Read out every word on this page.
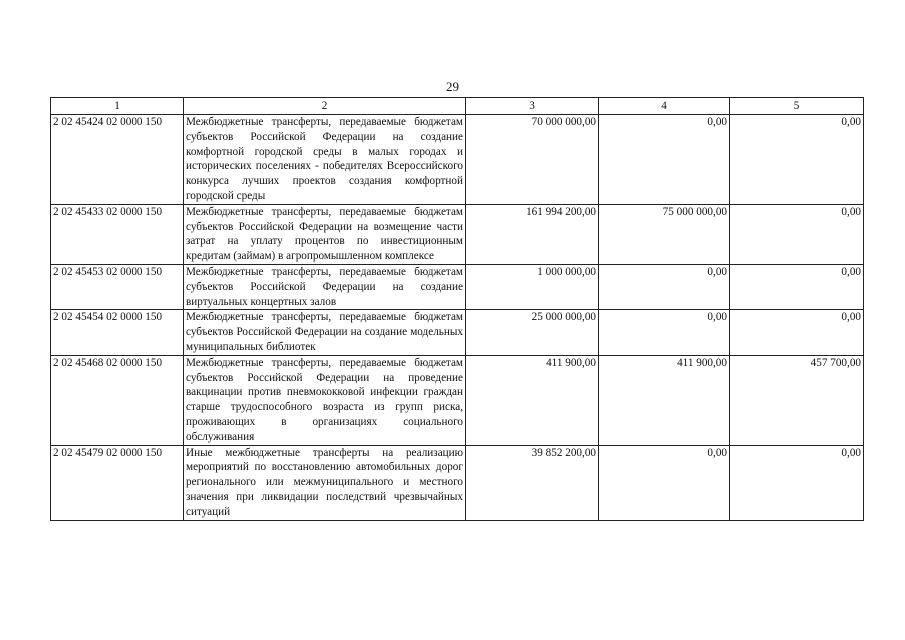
29
1	2	3	4	5
2 02 45424 02 0000 150	Межбюджетные трансферты, передаваемые бюджетам субъектов Российской Федерации на создание комфортной городской среды в малых городах и исторических поселениях - победителях Всероссийского конкурса лучших проектов создания комфортной городской среды	70 000 000,00	0,00	0,00
2 02 45433 02 0000 150	Межбюджетные трансферты, передаваемые бюджетам субъектов Российской Федерации на возмещение части затрат на уплату процентов по инвестиционным кредитам (займам) в агропромышленном комплексе	161 994 200,00	75 000 000,00	0,00
2 02 45453 02 0000 150	Межбюджетные трансферты, передаваемые бюджетам субъектов Российской Федерации на создание виртуальных концертных залов	1 000 000,00	0,00	0,00
2 02 45454 02 0000 150	Межбюджетные трансферты, передаваемые бюджетам субъектов Российской Федерации на создание модельных муниципальных библиотек	25 000 000,00	0,00	0,00
2 02 45468 02 0000 150	Межбюджетные трансферты, передаваемые бюджетам субъектов Российской Федерации на проведение вакцинации против пневмококковой инфекции граждан старше трудоспособного возраста из групп риска, проживающих в организациях социального обслуживания	411 900,00	411 900,00	457 700,00
2 02 45479 02 0000 150	Иные межбюджетные трансферты на реализацию мероприятий по восстановлению автомобильных дорог регионального или межмуниципального и местного значения при ликвидации последствий чрезвычайных ситуаций	39 852 200,00	0,00	0,00
